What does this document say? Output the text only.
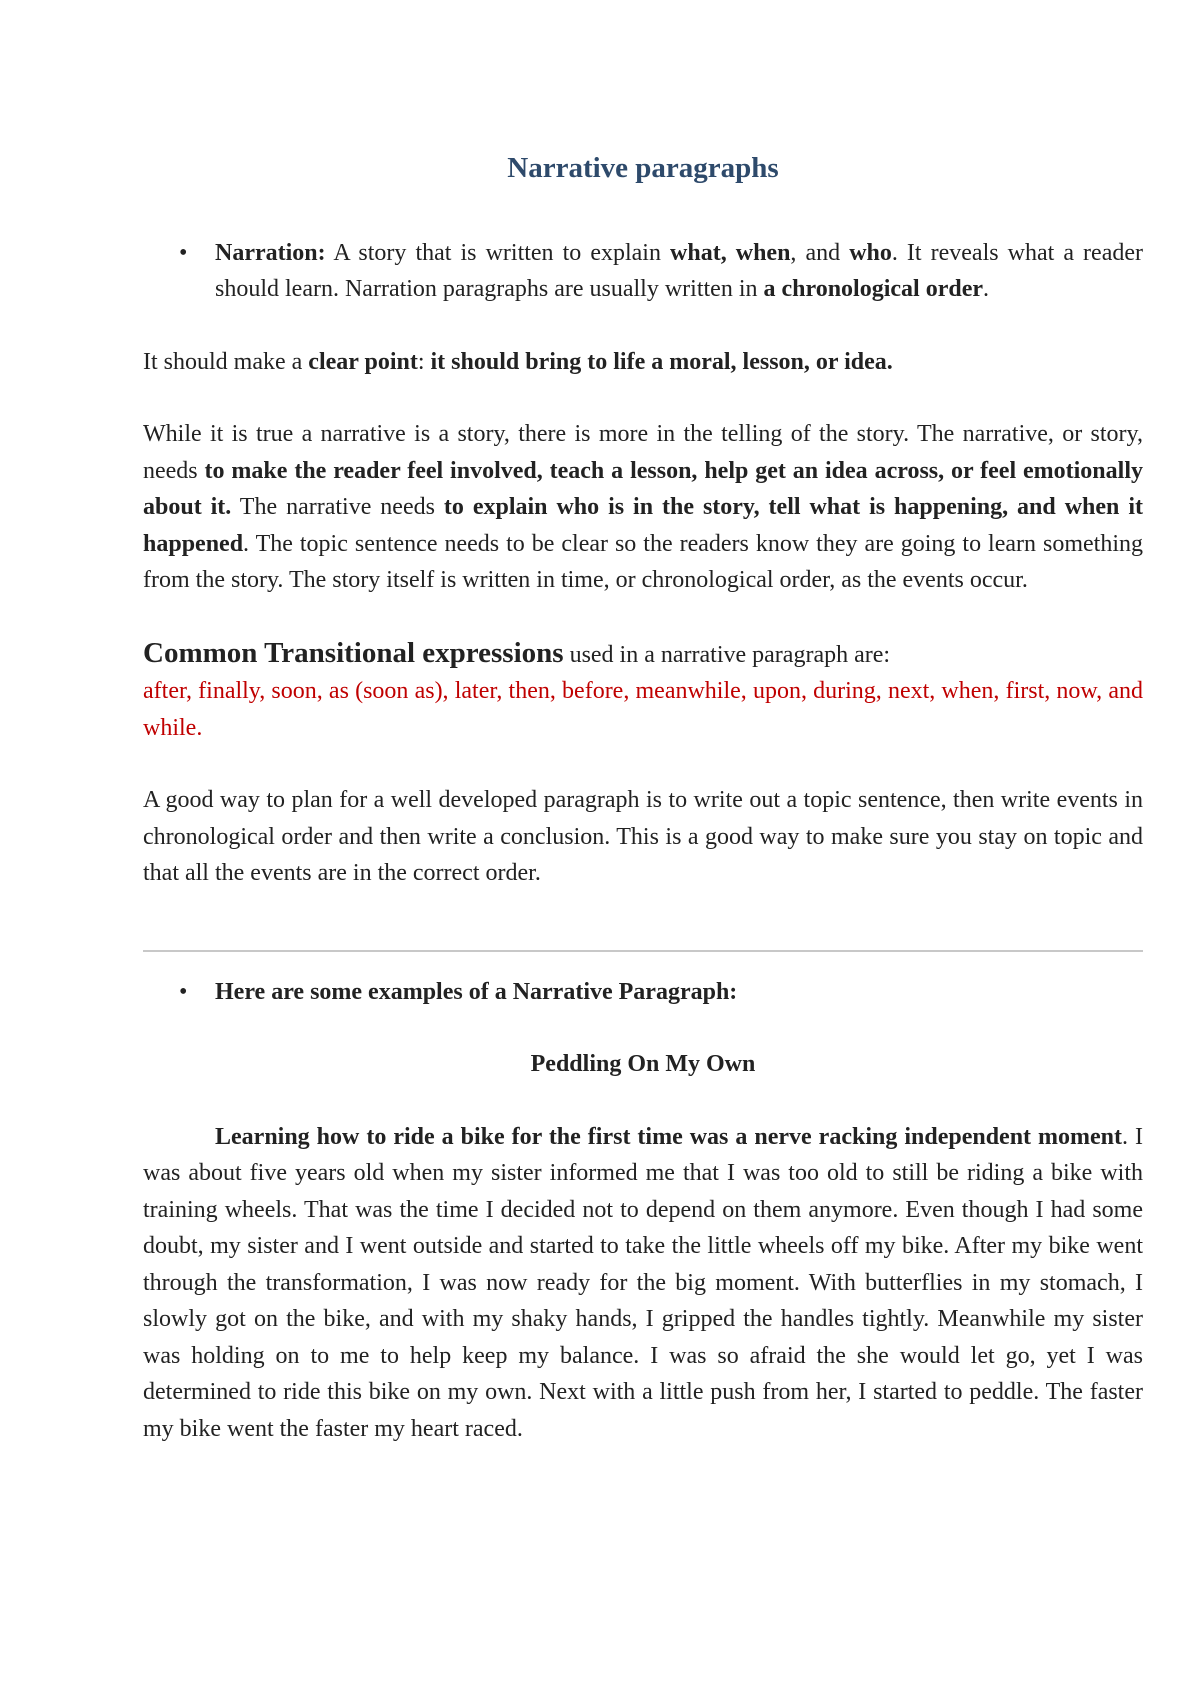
Narrative paragraphs
• Narration: A story that is written to explain what, when, and who. It reveals what a reader should learn. Narration paragraphs are usually written in a chronological order.

It should make a clear point: it should bring to life a moral, lesson, or idea.

While it is true a narrative is a story, there is more in the telling of the story. The narrative, or story, needs to make the reader feel involved, teach a lesson, help get an idea across, or feel emotionally about it. The narrative needs to explain who is in the story, tell what is happening, and when it happened. The topic sentence needs to be clear so the readers know they are going to learn something from the story. The story itself is written in time, or chronological order, as the events occur.

Common Transitional expressions used in a narrative paragraph are:

after, finally, soon, as (soon as), later, then, before, meanwhile, upon, during, next, when, first, now, and while.

A good way to plan for a well developed paragraph is to write out a topic sentence, then write events in chronological order and then write a conclusion. This is a good way to make sure you stay on topic and that all the events are in the correct order.

• Here are some examples of a Narrative Paragraph:
Peddling On My Own

Learning how to ride a bike for the first time was a nerve racking independent moment. I was about five years old when my sister informed me that I was too old to still be riding a bike with training wheels. That was the time I decided not to depend on them anymore. Even though I had some doubt, my sister and I went outside and started to take the little wheels off my bike. After my bike went through the transformation, I was now ready for the big moment. With butterflies in my stomach, I slowly got on the bike, and with my shaky hands, I gripped the handles tightly. Meanwhile my sister was holding on to me to help keep my balance. I was so afraid the she would let go, yet I was determined to ride this bike on my own. Next with a little push from her, I started to peddle. The faster my bike went the faster my heart raced.
